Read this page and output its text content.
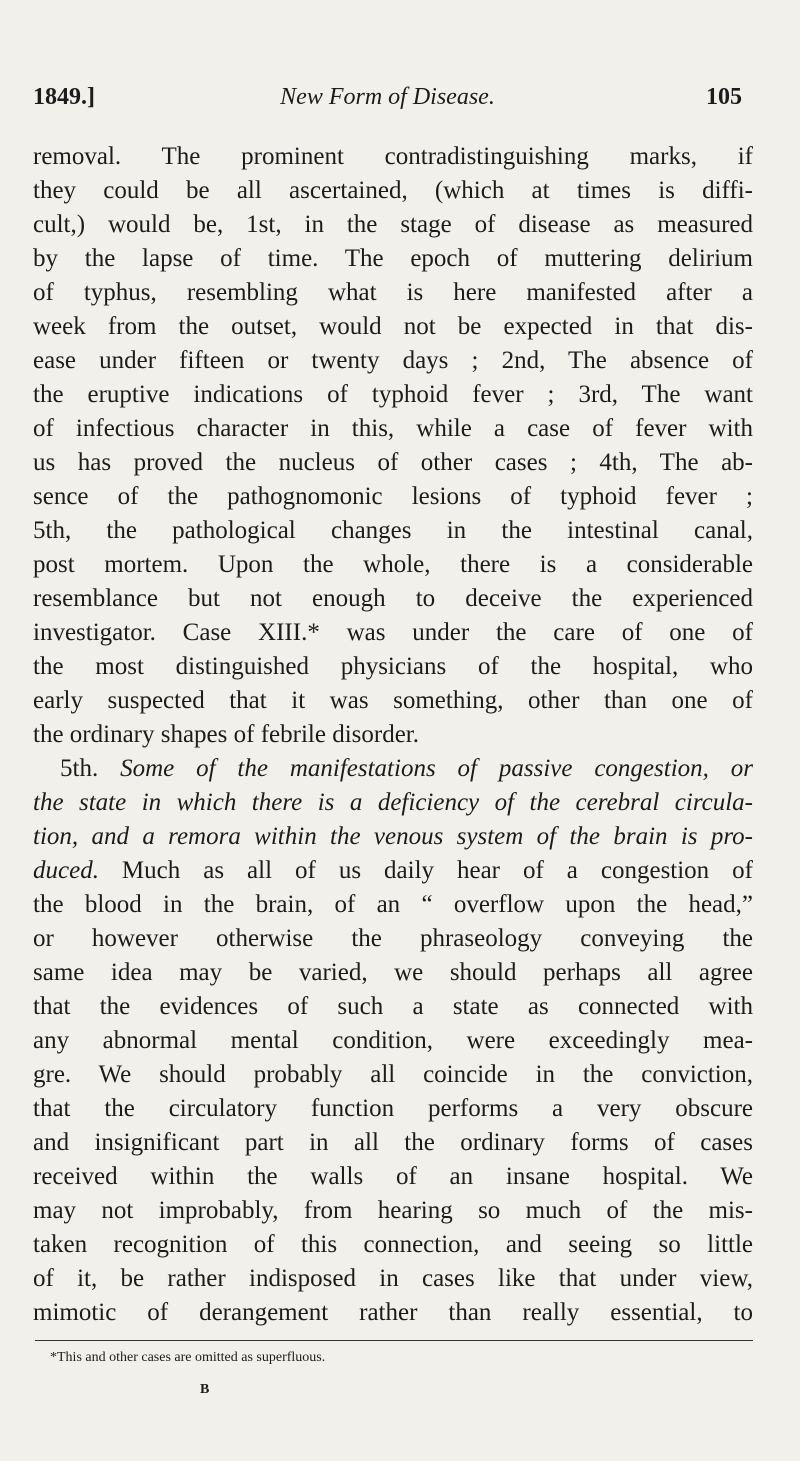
1849.]	New Form of Disease.	105
removal. The prominent contradistinguishing marks, if
they could be all ascertained, (which at times is diffi-
cult,) would be, 1st, in the stage of disease as measured
by the lapse of time. The epoch of muttering delirium
of typhus, resembling what is here manifested after a
week from the outset, would not be expected in that dis-
ease under fifteen or twenty days ; 2nd, The absence of
the eruptive indications of typhoid fever ; 3rd, The want
of infectious character in this, while a case of fever with
us has proved the nucleus of other cases ; 4th, The ab-
sence of the pathognomonic lesions of typhoid fever ;
5th, the pathological changes in the intestinal canal,
post mortem. Upon the whole, there is a considerable
resemblance but not enough to deceive the experienced
investigator. Case XIII.* was under the care of one of
the most distinguished physicians of the hospital, who
early suspected that it was something, other than one of
the ordinary shapes of febrile disorder.
5th. Some of the manifestations of passive congestion, or
the state in which there is a deficiency of the cerebral circula-
tion, and a remora within the venous system of the brain is pro-
duced. Much as all of us daily hear of a congestion of
the blood in the brain, of an “ overflow upon the head,”
or however otherwise the phraseology conveying the
same idea may be varied, we should perhaps all agree
that the evidences of such a state as connected with
any abnormal mental condition, were exceedingly mea-
gre. We should probably all coincide in the conviction,
that the circulatory function performs a very obscure
and insignificant part in all the ordinary forms of cases
received within the walls of an insane hospital. We
may not improbably, from hearing so much of the mis-
taken recognition of this connection, and seeing so little
of it, be rather indisposed in cases like that under view,
mimotic of derangement rather than really essential, to
*This and other cases are omitted as superfluous.
B
